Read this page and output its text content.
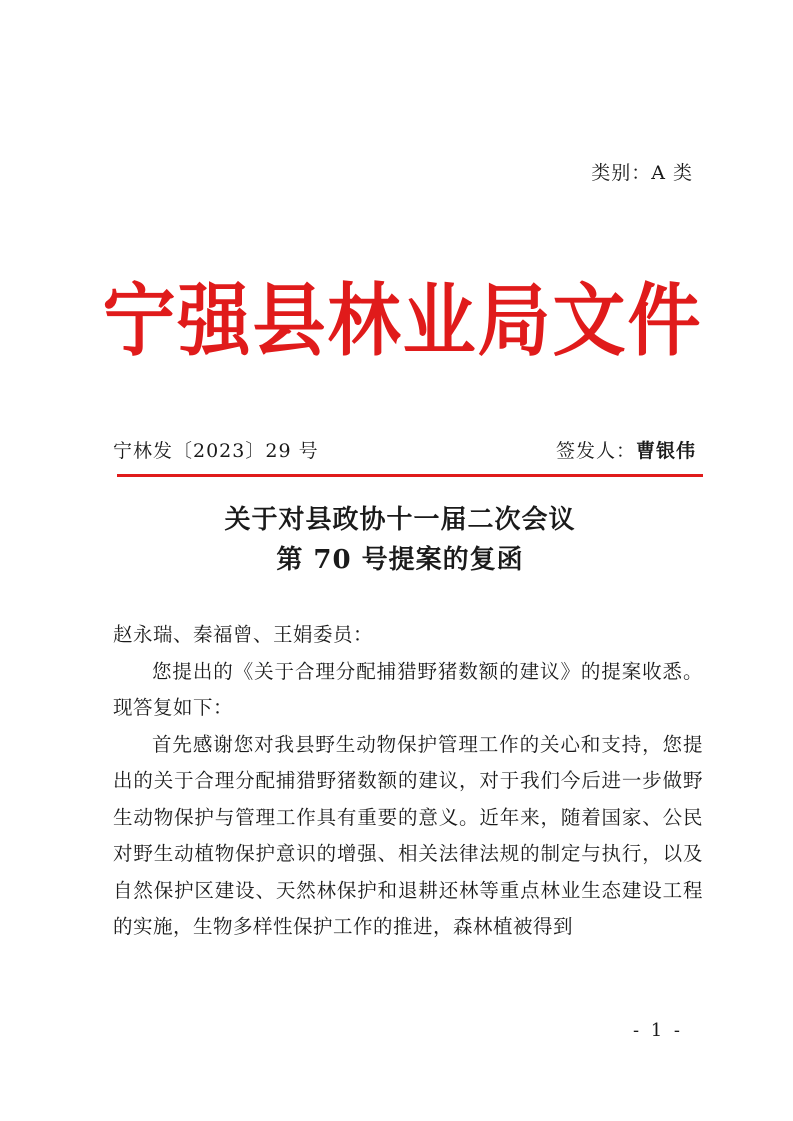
类别：A 类
宁强县林业局文件
宁林发〔2023〕29 号	签发人：曹银伟
关于对县政协十一届二次会议
第 70 号提案的复函

赵永瑞、秦福曾、王娟委员：

您提出的《关于合理分配捕猎野猪数额的建议》的提案收悉。现答复如下：

首先感谢您对我县野生动物保护管理工作的关心和支持，您提出的关于合理分配捕猎野猪数额的建议，对于我们今后进一步做野生动物保护与管理工作具有重要的意义。近年来，随着国家、公民对野生动植物保护意识的增强、相关法律法规的制定与执行，以及自然保护区建设、天然林保护和退耕还林等重点林业生态建设工程的实施，生物多样性保护工作的推进，森林植被得到

- 1 -
